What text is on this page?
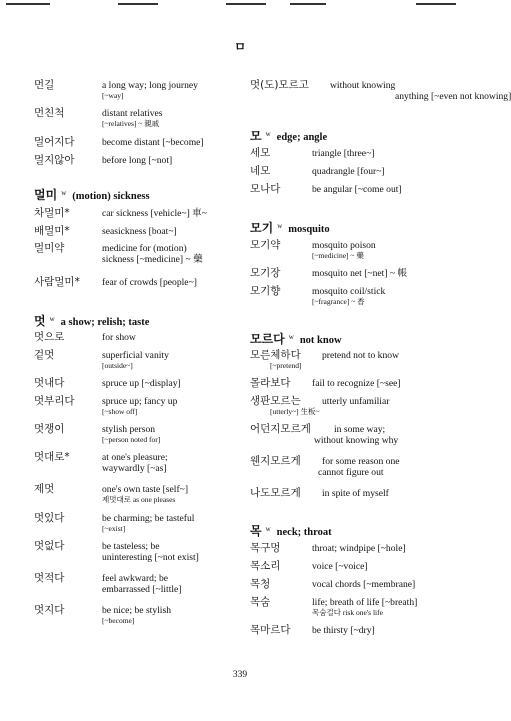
ㅁ
먼길	a long way; long journey
[~way]
먼친척	distant relatives
[~relatives] ~ 親戚
멀어지다	become distant [~become]
멀지않아	before long [~not]
멀미 $^w$ (motion) sickness
차멀미*	car sickness [vehicle~] 車~
배멀미*	seasickness [boat~]
멀미약	medicine for (motion)
sickness [~medicine] ~ 藥
사람멀미* fear of crowds [people~]
멋 $^w$ a show; relish; taste
멋으로	for show
겉멋	superficial vanity
[outside~]
멋내다	spruce up [~display]
멋부리다	spruce up; fancy up
[~show off]
멋쟁이	stylish person
[~person noted for]
멋대로*	at one's pleasure;
waywardly [~as]
제멋	one's own taste [self~]
제멋대로 as one pleases
멋있다	be charming; be tasteful
[~exist]
멋없다	be tasteless; be
uninteresting [~not exist]
멋적다	feel awkward; be
embarrassed [~little]
멋지다	be nice; be stylish
[~become]
멋(도)모르고 without knowing
anything [~even not knowing]
모 $^w$ edge; angle
세모	triangle [three~]
네모	quadrangle [four~]
모나다	be angular [~come out]
모기 $^w$ mosquito
모기약	mosquito poison
[~medicine] ~ 藥
모기장	mosquito net [~net] ~ 帳
모기향	mosquito coil/stick
[~fragrance] ~ 香
모르다 $^w$ not know
모른체하다 pretend not to know
[~pretend]
몰라보다 fail to recognize [~see]
생판모르는 utterly unfamiliar
[utterly~] 生板~
어던지모르게 in some way;
without knowing why
웬지모르게 for some reason one
cannot figure out
나도모르게 in spite of myself
목 $^w$ neck; throat
목구멍	throat; windpipe [~hole]
목소리	voice [~voice]
목청	vocal chords [~membrane]
목숨	life; breath of life [~breath]
목숨걸다 risk one's life
목마르다 be thirsty [~dry]
339
